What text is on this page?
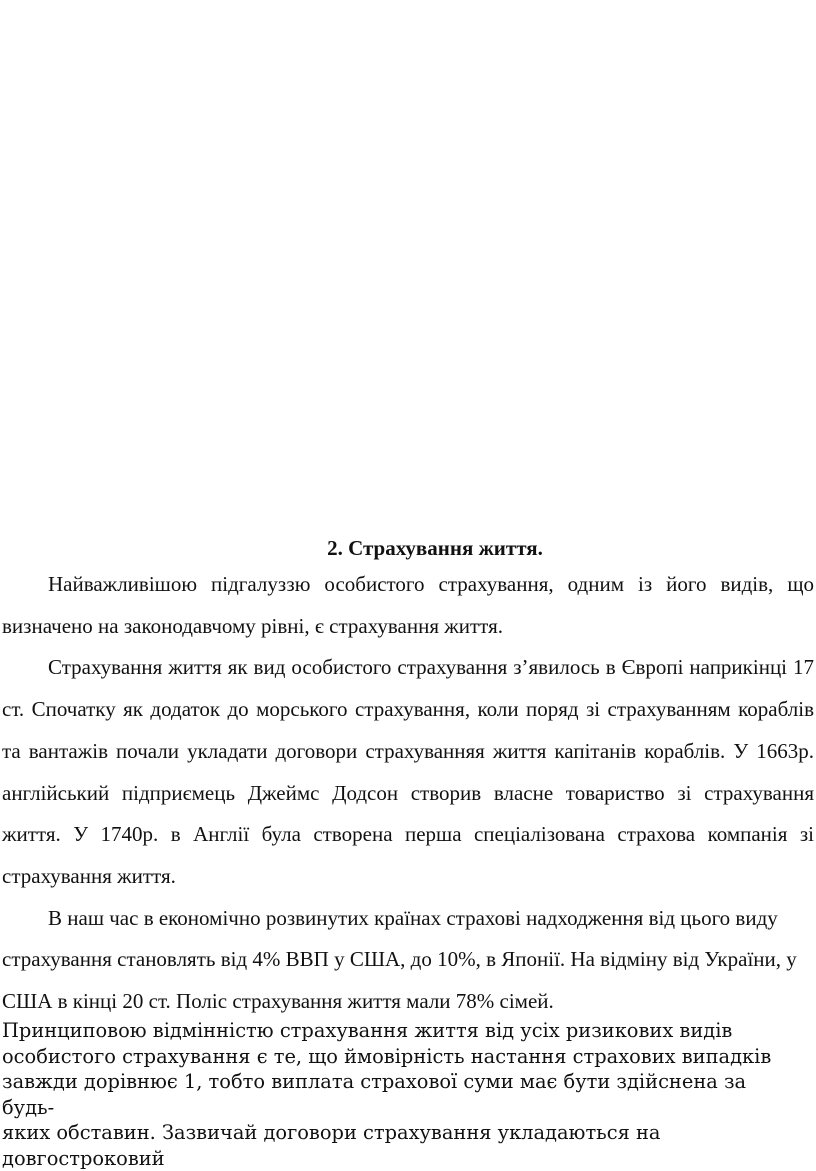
2. Страхування життя.

Найважливішою підгалуззю особистого страхування, одним із його видів, що визначено на законодавчому рівні, є страхування життя.

Страхування життя як вид особистого страхування з’явилось в Європі наприкінці 17 ст. Спочатку як додаток до морського страхування, коли поряд зі страхуванням кораблів та вантажів почали укладати договори страхуванняя життя капітанів кораблів. У 1663р. англійський підприємець Джеймс Додсон створив власне товариство зі страхування життя. У 1740р. в Англії була створена перша спеціалізована страхова компанія зі страхування життя.

В наш час в економічно розвинутих країнах страхові надходження від цього виду страхування становлять від 4% ВВП у США, до 10%, в Японії. На відміну від України, у США в кінці 20 ст. Поліс страхування життя мали 78% сімей.

Принциповою відмінністю страхування життя від усіх ризикових видів
особистого страхування є те, що ймовірність настання страхових випадків
завжди дорівнює 1, тобто виплата страхової суми має бути здійснена за будь-
яких обставин. Зазвичай договори страхування укладаються на довгостроковий
